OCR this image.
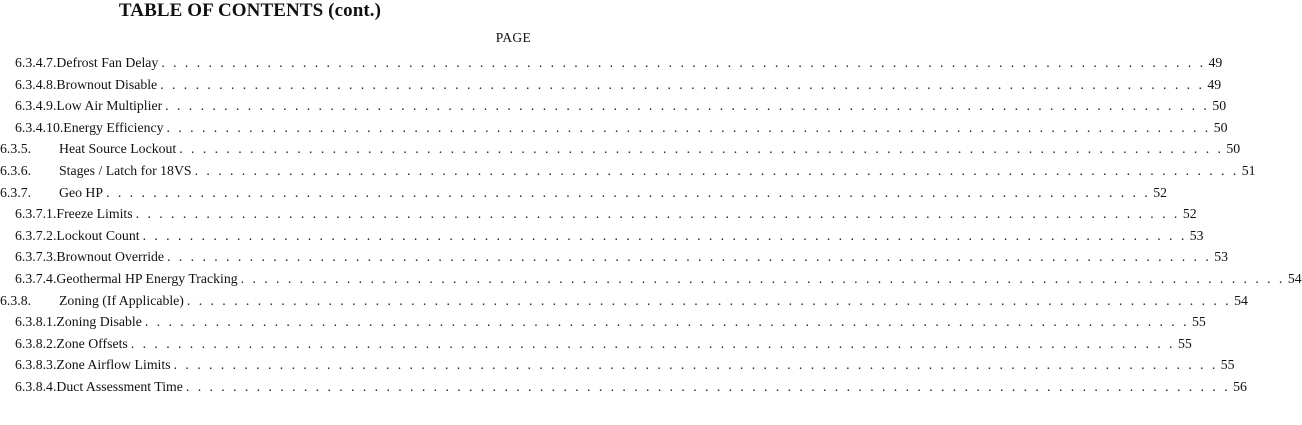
TABLE OF CONTENTS (cont.)
PAGE
6.3.4.7.Defrost Fan Delay . . . . . . . . . . . . . . . . . . . . . . . . . . . . . . . . . . . . . . . . . . . . . . . . . . . . . . . . . . . . . . . . . . . . . . . . . . . . . . . . . . . . . . . . . 49
6.3.4.8.Brownout Disable . . . . . . . . . . . . . . . . . . . . . . . . . . . . . . . . . . . . . . . . . . . . . . . . . . . . . . . . . . . . . . . . . . . . . . . . . . . . . . . . . . . . . . . . . 49
6.3.4.9.Low Air Multiplier . . . . . . . . . . . . . . . . . . . . . . . . . . . . . . . . . . . . . . . . . . . . . . . . . . . . . . . . . . . . . . . . . . . . . . . . . . . . . . . . . . . . . . . . . 50
6.3.4.10.Energy Efficiency . . . . . . . . . . . . . . . . . . . . . . . . . . . . . . . . . . . . . . . . . . . . . . . . . . . . . . . . . . . . . . . . . . . . . . . . . . . . . . . . . . . . . . . . . 50
6.3.5.	Heat Source Lockout . . . . . . . . . . . . . . . . . . . . . . . . . . . . . . . . . . . . . . . . . . . . . . . . . . . . . . . . . . . . . . . . . . . . . . . . . . . . . . . . . . . . . . . . . 50
6.3.6.	Stages / Latch for 18VS . . . . . . . . . . . . . . . . . . . . . . . . . . . . . . . . . . . . . . . . . . . . . . . . . . . . . . . . . . . . . . . . . . . . . . . . . . . . . . . . . . . . . . . . . 51
6.3.7.	Geo HP . . . . . . . . . . . . . . . . . . . . . . . . . . . . . . . . . . . . . . . . . . . . . . . . . . . . . . . . . . . . . . . . . . . . . . . . . . . . . . . . . . . . . . . . . 52
6.3.7.1.Freeze Limits . . . . . . . . . . . . . . . . . . . . . . . . . . . . . . . . . . . . . . . . . . . . . . . . . . . . . . . . . . . . . . . . . . . . . . . . . . . . . . . . . . . . . . . . . 52
6.3.7.2.Lockout Count . . . . . . . . . . . . . . . . . . . . . . . . . . . . . . . . . . . . . . . . . . . . . . . . . . . . . . . . . . . . . . . . . . . . . . . . . . . . . . . . . . . . . . . . . 53
6.3.7.3.Brownout Override . . . . . . . . . . . . . . . . . . . . . . . . . . . . . . . . . . . . . . . . . . . . . . . . . . . . . . . . . . . . . . . . . . . . . . . . . . . . . . . . . . . . . . . . . 53
6.3.7.4.Geothermal HP Energy Tracking . . . . . . . . . . . . . . . . . . . . . . . . . . . . . . . . . . . . . . . . . . . . . . . . . . . . . . . . . . . . . . . . . . . . . . . . . . . . . . . . . . . . . . . . . 54
6.3.8.	Zoning (If Applicable) . . . . . . . . . . . . . . . . . . . . . . . . . . . . . . . . . . . . . . . . . . . . . . . . . . . . . . . . . . . . . . . . . . . . . . . . . . . . . . . . . . . . . . . . . 54
6.3.8.1.Zoning Disable . . . . . . . . . . . . . . . . . . . . . . . . . . . . . . . . . . . . . . . . . . . . . . . . . . . . . . . . . . . . . . . . . . . . . . . . . . . . . . . . . . . . . . . . . 55
6.3.8.2.Zone Offsets . . . . . . . . . . . . . . . . . . . . . . . . . . . . . . . . . . . . . . . . . . . . . . . . . . . . . . . . . . . . . . . . . . . . . . . . . . . . . . . . . . . . . . . . . 55
6.3.8.3.Zone Airflow Limits . . . . . . . . . . . . . . . . . . . . . . . . . . . . . . . . . . . . . . . . . . . . . . . . . . . . . . . . . . . . . . . . . . . . . . . . . . . . . . . . . . . . . . . . . 55
6.3.8.4.Duct Assessment Time . . . . . . . . . . . . . . . . . . . . . . . . . . . . . . . . . . . . . . . . . . . . . . . . . . . . . . . . . . . . . . . . . . . . . . . . . . . . . . . . . . . . . . . . . 56
